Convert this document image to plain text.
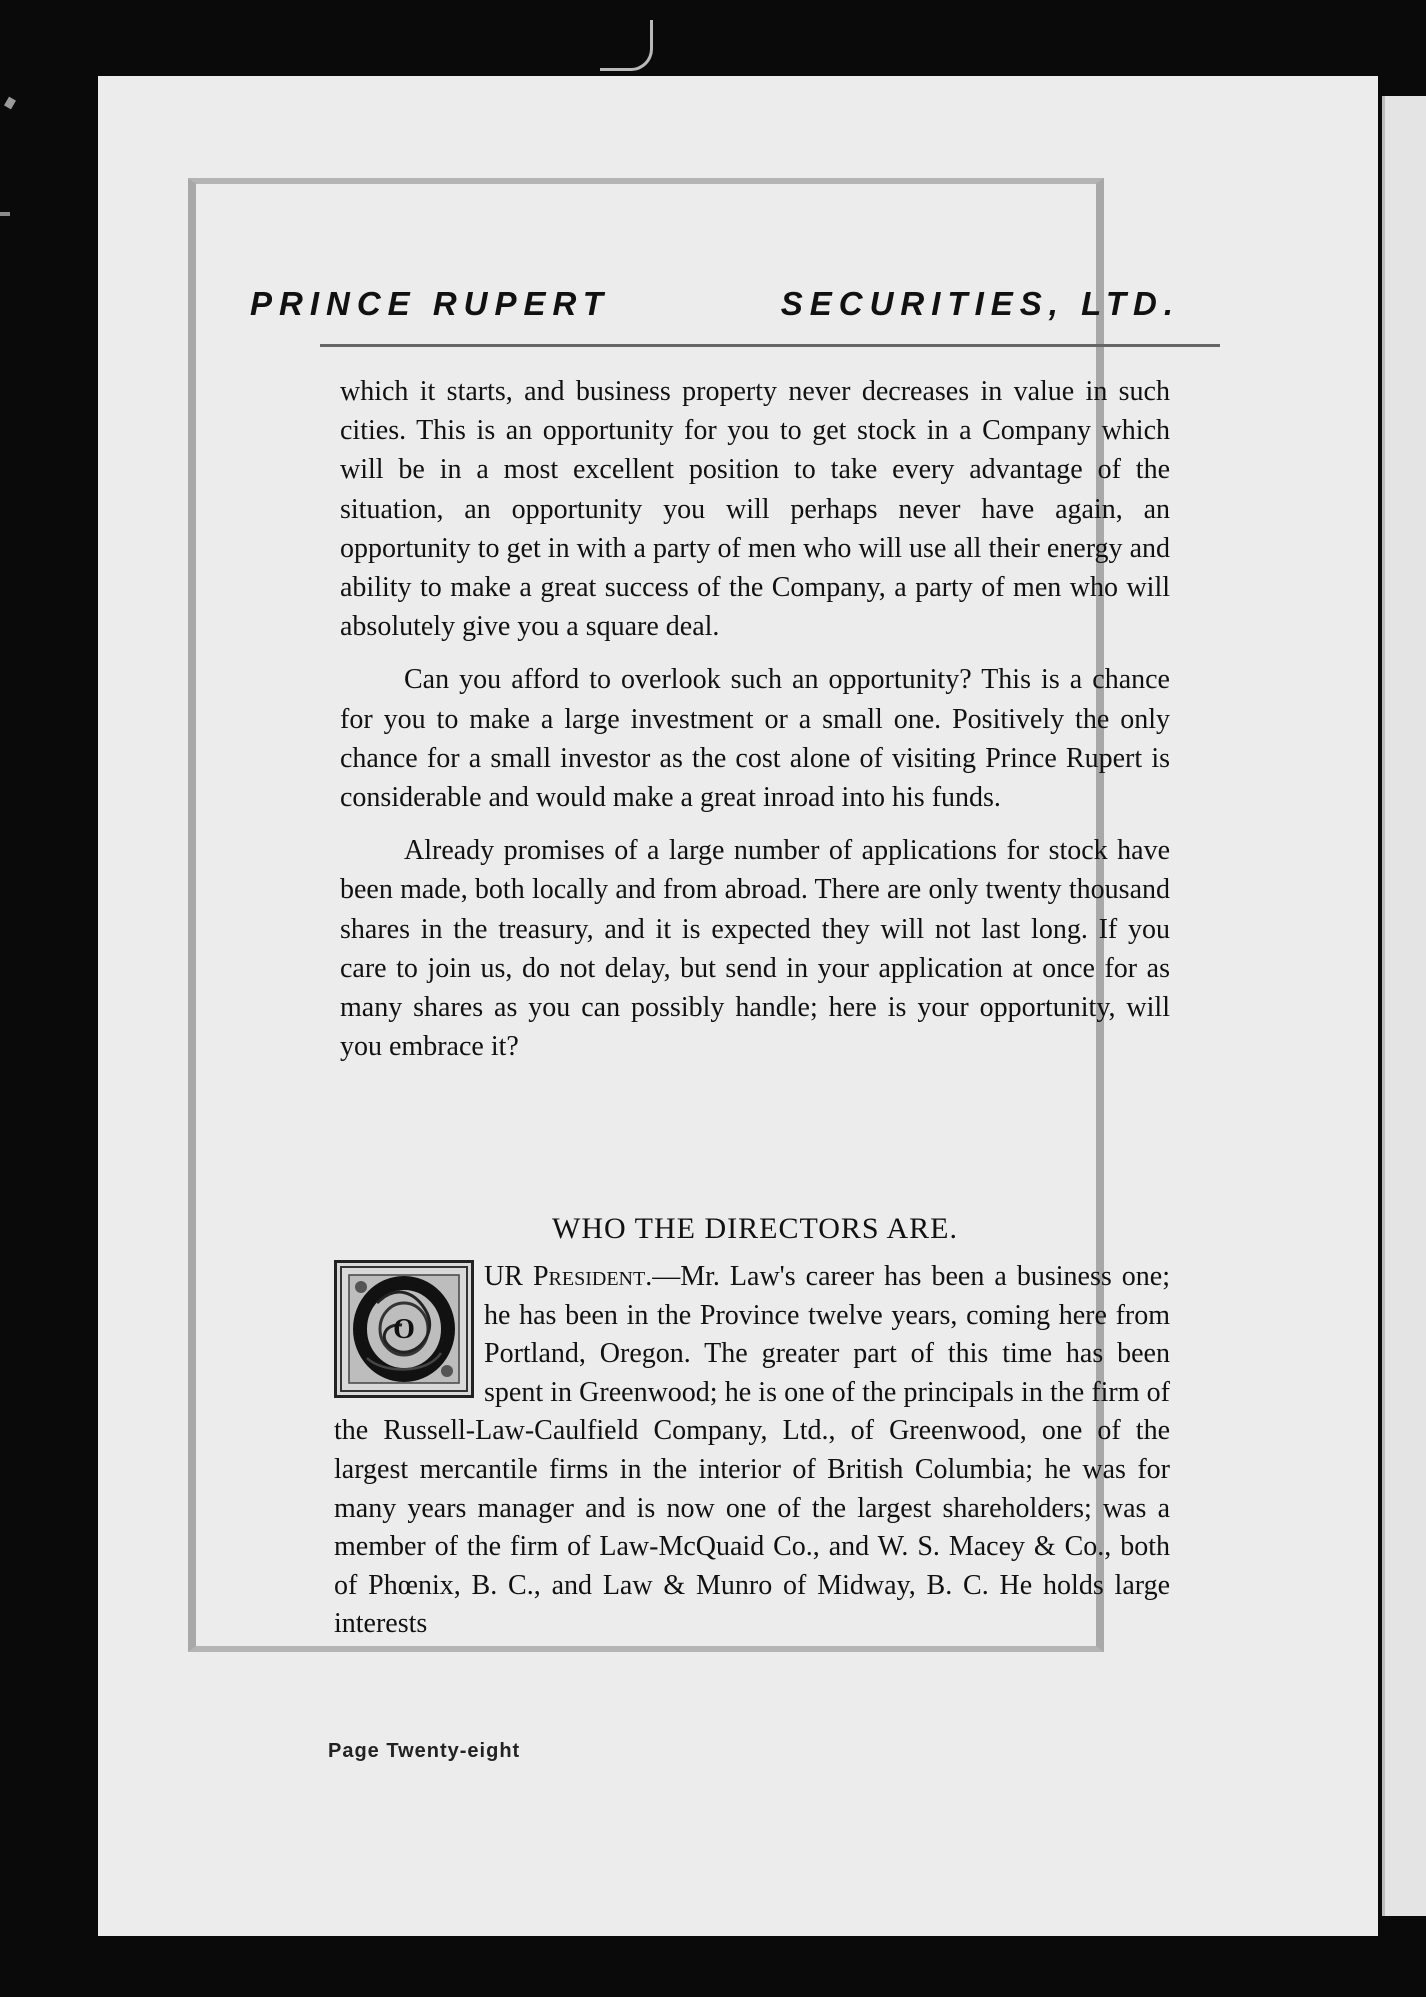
PRINCE RUPERT	SECURITIES, LTD.

which it starts, and business property never decreases in value in such cities. This is an opportunity for you to get stock in a Company which will be in a most excellent position to take every advantage of the situation, an opportunity you will perhaps never have again, an opportunity to get in with a party of men who will use all their energy and ability to make a great success of the Company, a party of men who will absolutely give you a square deal.

Can you afford to overlook such an opportunity? This is a chance for you to make a large investment or a small one. Positively the only chance for a small investor as the cost alone of visiting Prince Rupert is considerable and would make a great inroad into his funds.

Already promises of a large number of applications for stock have been made, both locally and from abroad. There are only twenty thousand shares in the treasury, and it is expected they will not last long. If you care to join us, do not delay, but send in your application at once for as many shares as you can possibly handle; here is your opportunity, will you embrace it?

WHO THE DIRECTORS ARE.
O
UR President.—Mr. Law's career has been a business one; he has been in the Province twelve years, coming here from Portland, Oregon. The greater part of this time has been spent in Greenwood; he is one of the principals in the firm of the Russell-Law-Caulfield Company, Ltd., of Greenwood, one of the largest mercantile firms in the interior of British Columbia; he was for many years manager and is now one of the largest shareholders; was a member of the firm of Law-McQuaid Co., and W. S. Macey & Co., both of Phœnix, B. C., and Law & Munro of Midway, B. C. He holds large interests
Page Twenty-eight
